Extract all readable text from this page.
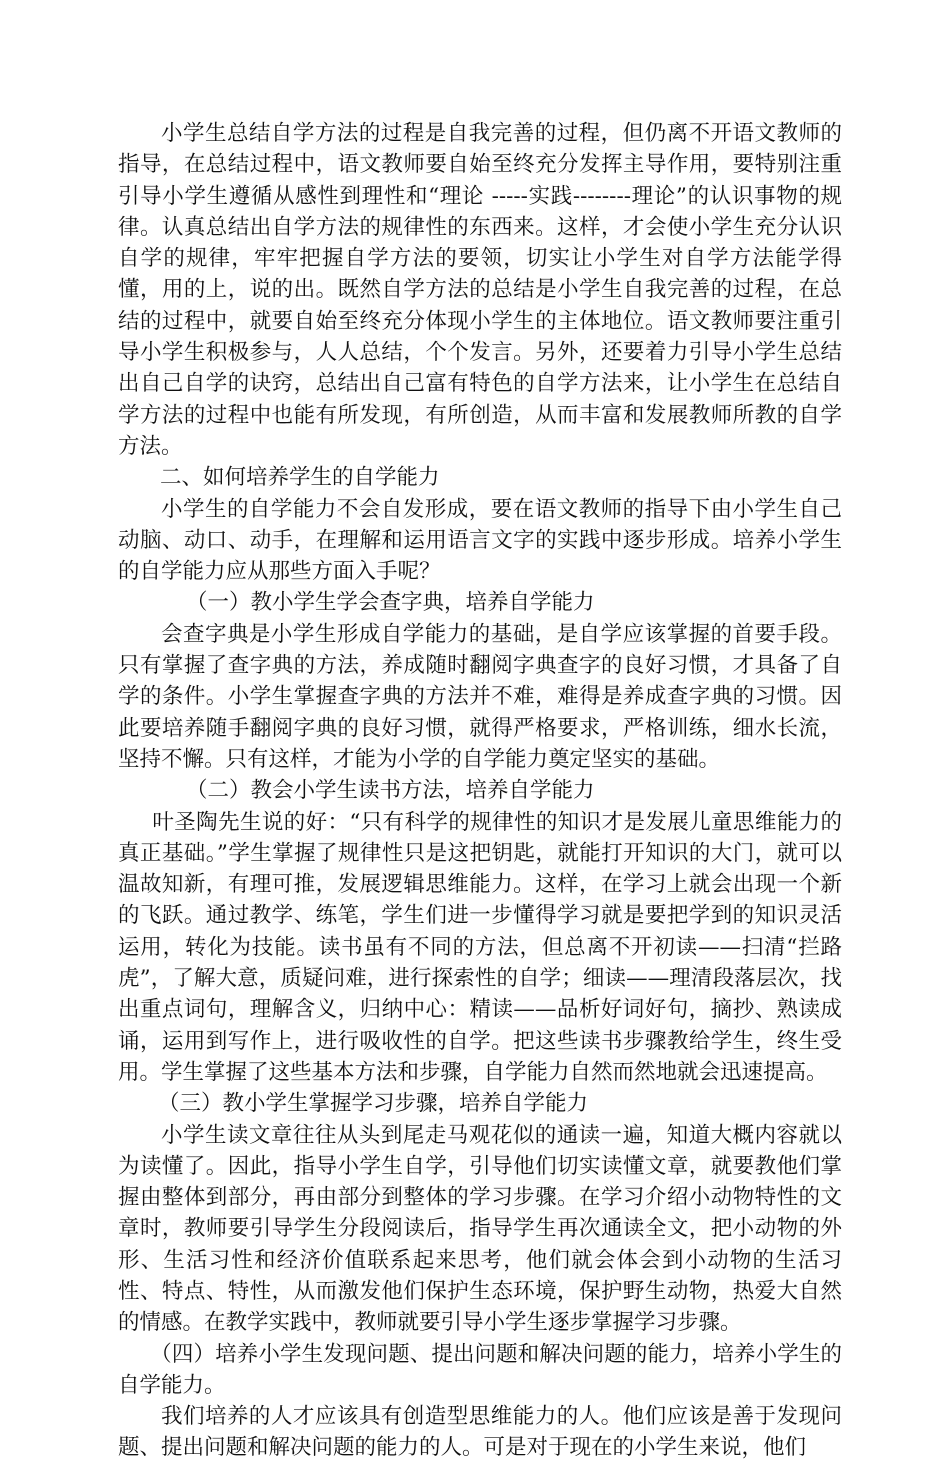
小学生总结自学方法的过程是自我完善的过程，但仍离不开语文教师的指导，在总结过程中，语文教师要自始至终充分发挥主导作用，要特别注重引导小学生遵循从感性到理性和“理论 -----实践--------理论”的认识事物的规律。认真总结出自学方法的规律性的东西来。这样，才会使小学生充分认识自学的规律，牢牢把握自学方法的要领，切实让小学生对自学方法能学得懂，用的上，说的出。既然自学方法的总结是小学生自我完善的过程，在总结的过程中，就要自始至终充分体现小学生的主体地位。语文教师要注重引导小学生积极参与，人人总结，个个发言。另外，还要着力引导小学生总结出自己自学的诀窍，总结出自己富有特色的自学方法来，让小学生在总结自学方法的过程中也能有所发现，有所创造，从而丰富和发展教师所教的自学方法。

二、如何培养学生的自学能力

小学生的自学能力不会自发形成，要在语文教师的指导下由小学生自己动脑、动口、动手，在理解和运用语言文字的实践中逐步形成。培养小学生的自学能力应从那些方面入手呢？

（一）教小学生学会查字典，培养自学能力

会查字典是小学生形成自学能力的基础，是自学应该掌握的首要手段。只有掌握了查字典的方法，养成随时翻阅字典查字的良好习惯，才具备了自学的条件。小学生掌握查字典的方法并不难，难得是养成查字典的习惯。因此要培养随手翻阅字典的良好习惯，就得严格要求，严格训练，细水长流，坚持不懈。只有这样，才能为小学的自学能力奠定坚实的基础。

（二）教会小学生读书方法，培养自学能力

叶圣陶先生说的好：“只有科学的规律性的知识才是发展儿童思维能力的真正基础。”学生掌握了规律性只是这把钥匙，就能打开知识的大门，就可以温故知新，有理可推，发展逻辑思维能力。这样，在学习上就会出现一个新的飞跃。通过教学、练笔，学生们进一步懂得学习就是要把学到的知识灵活运用，转化为技能。读书虽有不同的方法，但总离不开初读——扫清“拦路虎”，了解大意，质疑问难，进行探索性的自学；细读——理清段落层次，找出重点词句，理解含义，归纳中心：精读——品析好词好句，摘抄、熟读成诵，运用到写作上，进行吸收性的自学。把这些读书步骤教给学生，终生受用。学生掌握了这些基本方法和步骤，自学能力自然而然地就会迅速提高。

（三）教小学生掌握学习步骤，培养自学能力

小学生读文章往往从头到尾走马观花似的通读一遍，知道大概内容就以为读懂了。因此，指导小学生自学，引导他们切实读懂文章，就要教他们掌握由整体到部分，再由部分到整体的学习步骤。在学习介绍小动物特性的文章时，教师要引导学生分段阅读后，指导学生再次通读全文，把小动物的外形、生活习性和经济价值联系起来思考，他们就会体会到小动物的生活习性、特点、特性，从而激发他们保护生态环境，保护野生动物，热爱大自然的情感。在教学实践中，教师就要引导小学生逐步掌握学习步骤。

（四）培养小学生发现问题、提出问题和解决问题的能力，培养小学生的自学能力。

我们培养的人才应该具有创造型思维能力的人。他们应该是善于发现问题、提出问题和解决问题的能力的人。可是对于现在的小学生来说，他们
